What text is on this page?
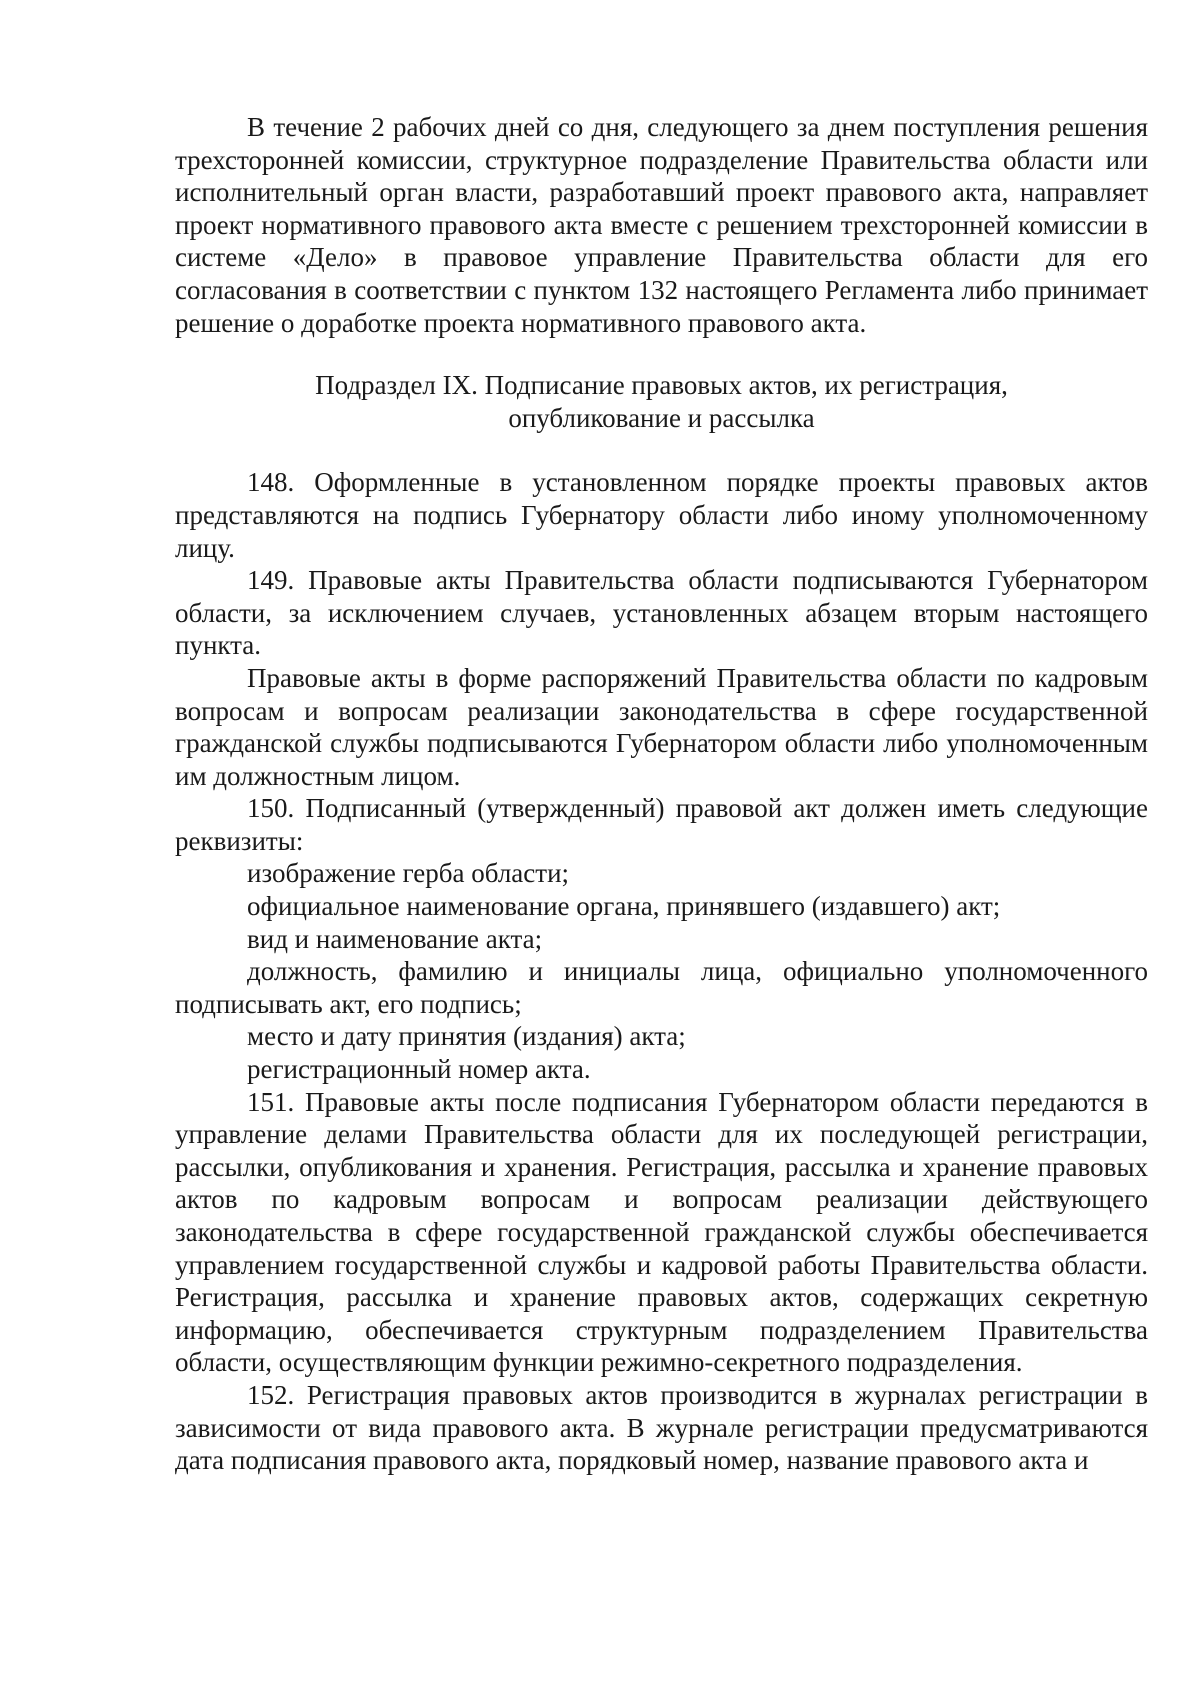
В течение 2 рабочих дней со дня, следующего за днем поступления решения трехсторонней комиссии, структурное подразделение Правительства области или исполнительный орган власти, разработавший проект правового акта, направляет проект нормативного правового акта вместе с решением трехсторонней комиссии в системе «Дело» в правовое управление Правительства области для его согласования в соответствии с пунктом 132 настоящего Регламента либо принимает решение о доработке проекта нормативного правового акта.

Подраздел IX. Подписание правовых актов, их регистрация,

опубликование и рассылка

148. Оформленные в установленном порядке проекты правовых актов представляются на подпись Губернатору области либо иному уполномоченному лицу.

149. Правовые акты Правительства области подписываются Губернатором области, за исключением случаев, установленных абзацем вторым настоящего пункта.

Правовые акты в форме распоряжений Правительства области по кадровым вопросам и вопросам реализации законодательства в сфере государственной гражданской службы подписываются Губернатором области либо уполномоченным им должностным лицом.

150. Подписанный (утвержденный) правовой акт должен иметь следующие реквизиты:

изображение герба области;

официальное наименование органа, принявшего (издавшего) акт;

вид и наименование акта;

должность, фамилию и инициалы лица, официально уполномоченного подписывать акт, его подпись;

место и дату принятия (издания) акта;

регистрационный номер акта.

151. Правовые акты после подписания Губернатором области передаются в управление делами Правительства области для их последующей регистрации, рассылки, опубликования и хранения. Регистрация, рассылка и хранение правовых актов по кадровым вопросам и вопросам реализации действующего законодательства в сфере государственной гражданской службы обеспечивается управлением государственной службы и кадровой работы Правительства области. Регистрация, рассылка и хранение правовых актов, содержащих секретную информацию, обеспечивается структурным подразделением Правительства области, осуществляющим функции режимно-секретного подразделения.

152. Регистрация правовых актов производится в журналах регистрации в зависимости от вида правового акта. В журнале регистрации предусматриваются дата подписания правового акта, порядковый номер, название правового акта и
